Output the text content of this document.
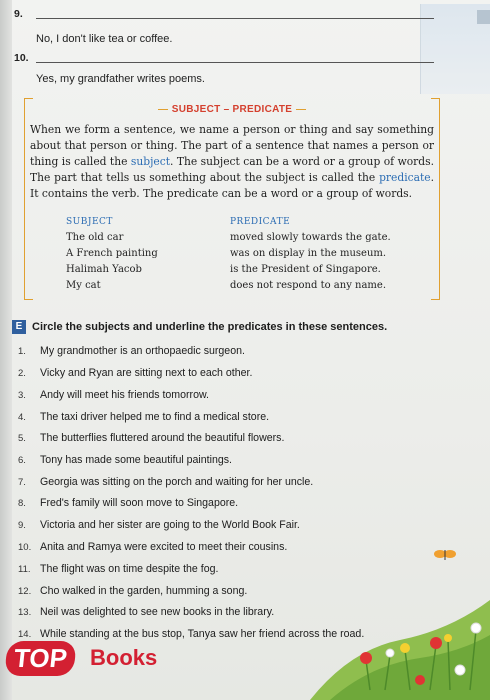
9.
No, I don't like tea or coffee.
10.
Yes, my grandfather writes poems.
SUBJECT – PREDICATE
When we form a sentence, we name a person or thing and say something about that person or thing. The part of a sentence that names a person or thing is called the subject. The subject can be a word or a group of words. The part that tells us something about the subject is called the predicate. It contains the verb. The predicate can be a word or a group of words.
SUBJECT
The old car
A French painting
Halimah Yacob
My cat
PREDICATE
moved slowly towards the gate.
was on display in the museum.
is the President of Singapore.
does not respond to any name.
E Circle the subjects and underline the predicates in these sentences.
1. My grandmother is an orthopaedic surgeon.
2. Vicky and Ryan are sitting next to each other.
3. Andy will meet his friends tomorrow.
4. The taxi driver helped me to find a medical store.
5. The butterflies fluttered around the beautiful flowers.
6. Tony has made some beautiful paintings.
7. Georgia was sitting on the porch and waiting for her uncle.
8. Fred's family will soon move to Singapore.
9. Victoria and her sister are going to the World Book Fair.
10. Anita and Ramya were excited to meet their cousins.
11. The flight was on time despite the fog.
12. Cho walked in the garden, humming a song.
13. Neil was delighted to see new books in the library.
14. While standing at the bus stop, Tanya saw her friend across the road.
TOP Books
